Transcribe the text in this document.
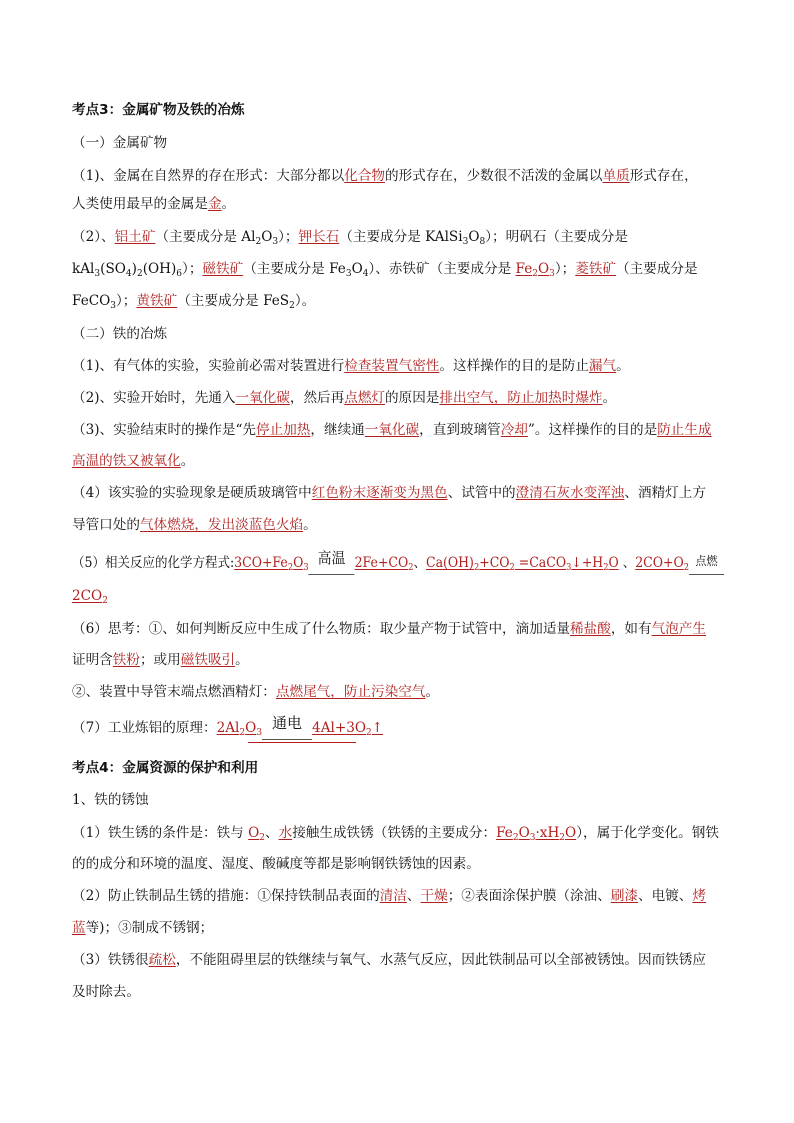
考点3：金属矿物及铁的冶炼
（一）金属矿物
（1)、金属在自然界的存在形式：大部分都以化合物的形式存在，少数很不活泼的金属以单质形式存在，
人类使用最早的金属是金。
（2）、铝土矿（主要成分是 $Al_2O_3$）；钾长石（主要成分是 $KAlSi_3O_8$）；明矾石（主要成分是
$kAl_3(SO_4)_2(OH)_6$）；磁铁矿（主要成分是 $Fe_3O_4$）、赤铁矿（主要成分是 $Fe_2O_3$）；菱铁矿（主要成分是
FeCO$_3$）；黄铁矿（主要成分是 FeS$_2$）。
（二）铁的冶炼
（1)、有气体的实验，实验前必需对装置进行检查装置气密性。这样操作的目的是防止漏气。
（2)、实验开始时，先通入一氧化碳，然后再点燃灯的原因是排出空气，防止加热时爆炸。
（3)、实验结束时的操作是“先停止加热，继续通一氧化碳，直到玻璃管冷却”。这样操作的目的是防止生成
高温的铁又被氧化。
（4）该实验的实验现象是硬质玻璃管中红色粉末逐渐变为黑色、试管中的澄清石灰水变浑浊、酒精灯上方
导管口处的气体燃烧，发出淡蓝色火焰。
（5）相关反应的化学方程式$:3CO+Fe_2O_3$
高温 $2Fe+CO_2$、$Ca(OH)_2+CO_2$ $=CaCO_3↓+H_2O$ 、$2CO+O_2$ 点燃
$2CO_2$
（6）思考：①、如何判断反应中生成了什么物质：取少量产物于试管中，滴加适量稀盐酸，如有气泡产生
证明含铁粉；或用磁铁吸引。
②、装置中导管末端点燃酒精灯：点燃尾气，防止污染空气。
（7）工业炼铝的原理：$2Al_2O_3$
通电 $4Al+3O_2↑$
考点4：金属资源的保护和利用
1、铁的锈蚀
（1）铁生锈的条件是：铁与 $O_2$、水接触生成铁锈（铁锈的主要成分：$Fe_2O_3\cdot xH_2O$），属于化学变化。钢铁
的的成分和环境的温度、湿度、酸碱度等都是影响钢铁锈蚀的因素。
（2）防止铁制品生锈的措施：①保持铁制品表面的清洁、干燥；②表面涂保护膜（涂油、刷漆、电镀、烤
蓝等)；③制成不锈钢；
（3）铁锈很疏松，不能阻碍里层的铁继续与氧气、水蒸气反应，因此铁制品可以全部被锈蚀。因而铁锈应
及时除去。
